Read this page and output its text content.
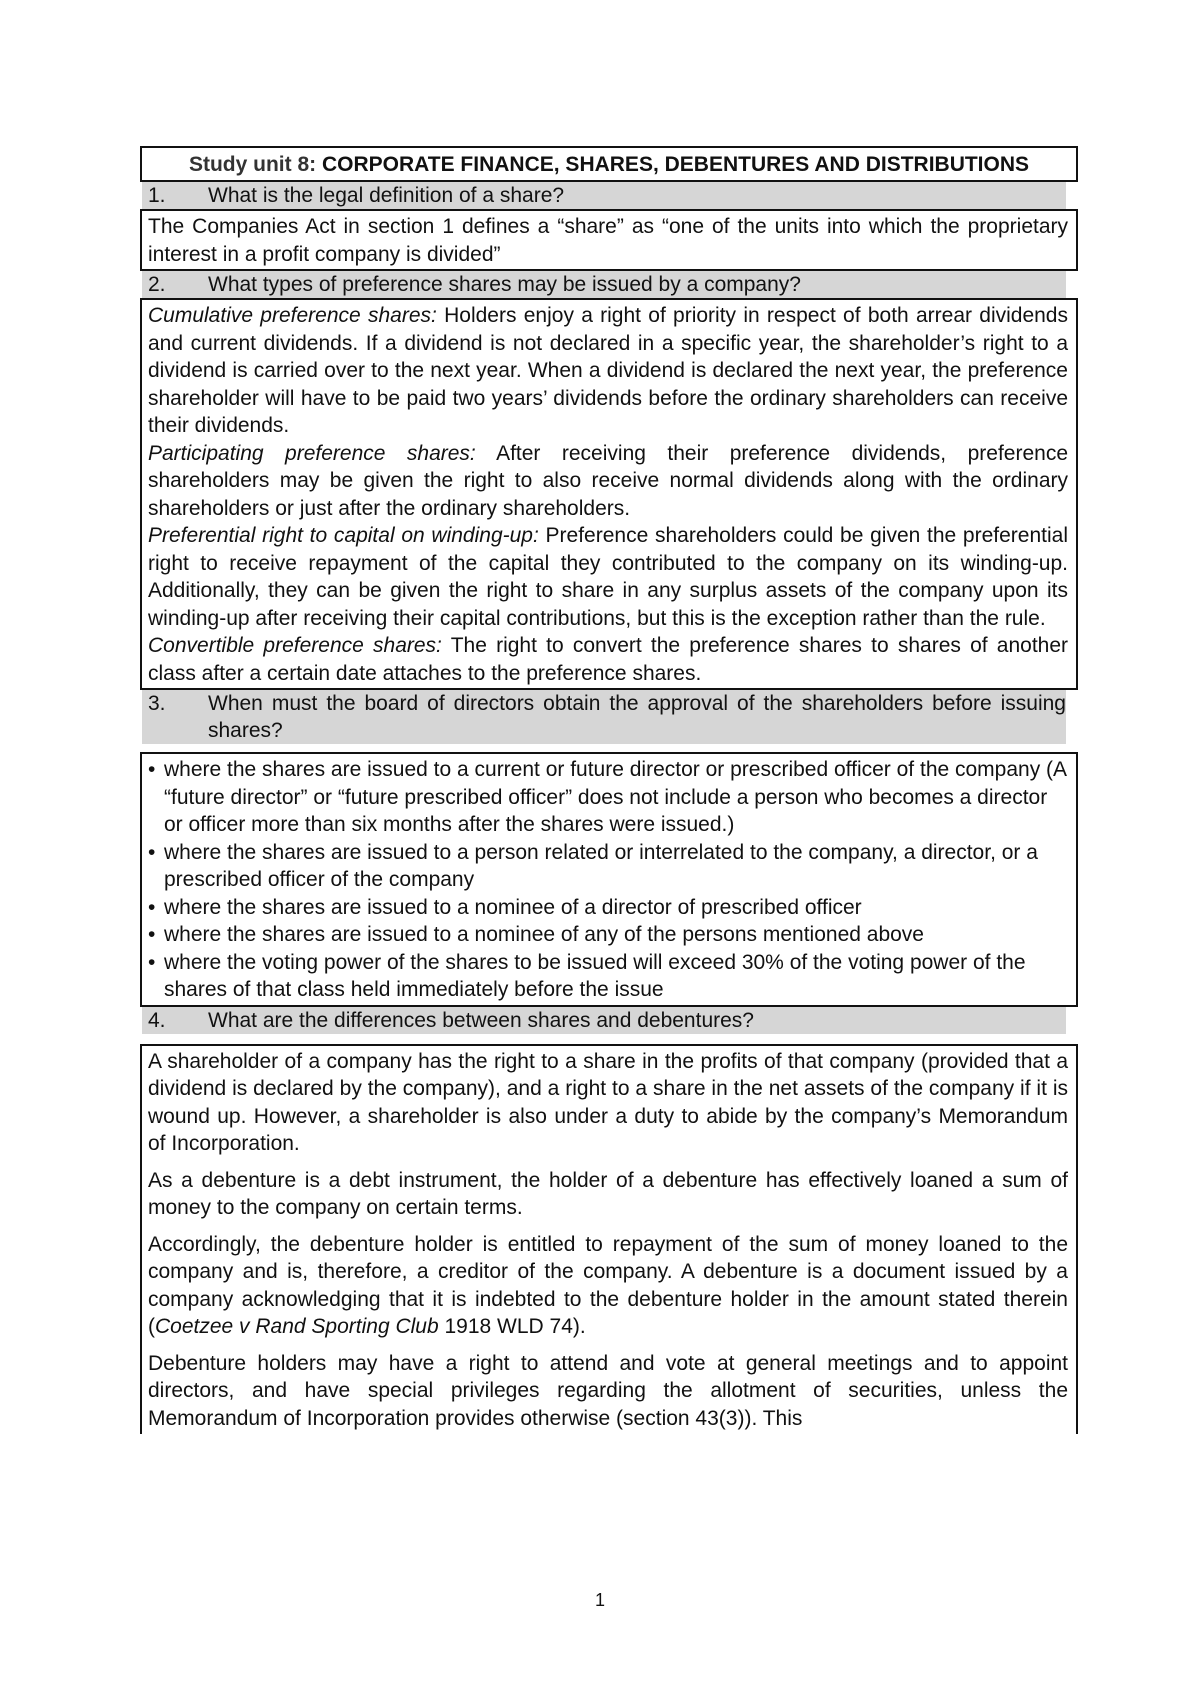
Study unit 8: CORPORATE FINANCE, SHARES, DEBENTURES AND DISTRIBUTIONS
1.	What is the legal definition of a share?

The Companies Act in section 1 defines a “share” as “one of the units into which the proprietary interest in a profit company is divided”

2.	What types of preference shares may be issued by a company?

Cumulative preference shares: Holders enjoy a right of priority in respect of both arrear dividends and current dividends. If a dividend is not declared in a specific year, the shareholder’s right to a dividend is carried over to the next year. When a dividend is declared the next year, the preference shareholder will have to be paid two years’ dividends before the ordinary shareholders can receive their dividends.

Participating preference shares: After receiving their preference dividends, preference shareholders may be given the right to also receive normal dividends along with the ordinary shareholders or just after the ordinary shareholders.

Preferential right to capital on winding-up: Preference shareholders could be given the preferential right to receive repayment of the capital they contributed to the company on its winding-up. Additionally, they can be given the right to share in any surplus assets of the company upon its winding-up after receiving their capital contributions, but this is the exception rather than the rule.

Convertible preference shares: The right to convert the preference shares to shares of another class after a certain date attaches to the preference shares.

3.	When must the board of directors obtain the approval of the shareholders before issuing shares?
• where the shares are issued to a current or future director or prescribed officer of the company (A “future director” or “future prescribed officer” does not include a person who becomes a director or officer more than six months after the shares were issued.)
• where the shares are issued to a person related or interrelated to the company, a director, or a prescribed officer of the company
• where the shares are issued to a nominee of a director of prescribed officer
• where the shares are issued to a nominee of any of the persons mentioned above
• where the voting power of the shares to be issued will exceed 30% of the voting power of the shares of that class held immediately before the issue
4.	What are the differences between shares and debentures?

A shareholder of a company has the right to a share in the profits of that company (provided that a dividend is declared by the company), and a right to a share in the net assets of the company if it is wound up. However, a shareholder is also under a duty to abide by the company’s Memorandum of Incorporation.

As a debenture is a debt instrument, the holder of a debenture has effectively loaned a sum of money to the company on certain terms.

Accordingly, the debenture holder is entitled to repayment of the sum of money loaned to the company and is, therefore, a creditor of the company. A debenture is a document issued by a company acknowledging that it is indebted to the debenture holder in the amount stated therein (Coetzee v Rand Sporting Club 1918 WLD 74).

Debenture holders may have a right to attend and vote at general meetings and to appoint directors, and have special privileges regarding the allotment of securities, unless the Memorandum of Incorporation provides otherwise (section 43(3)). This

1
